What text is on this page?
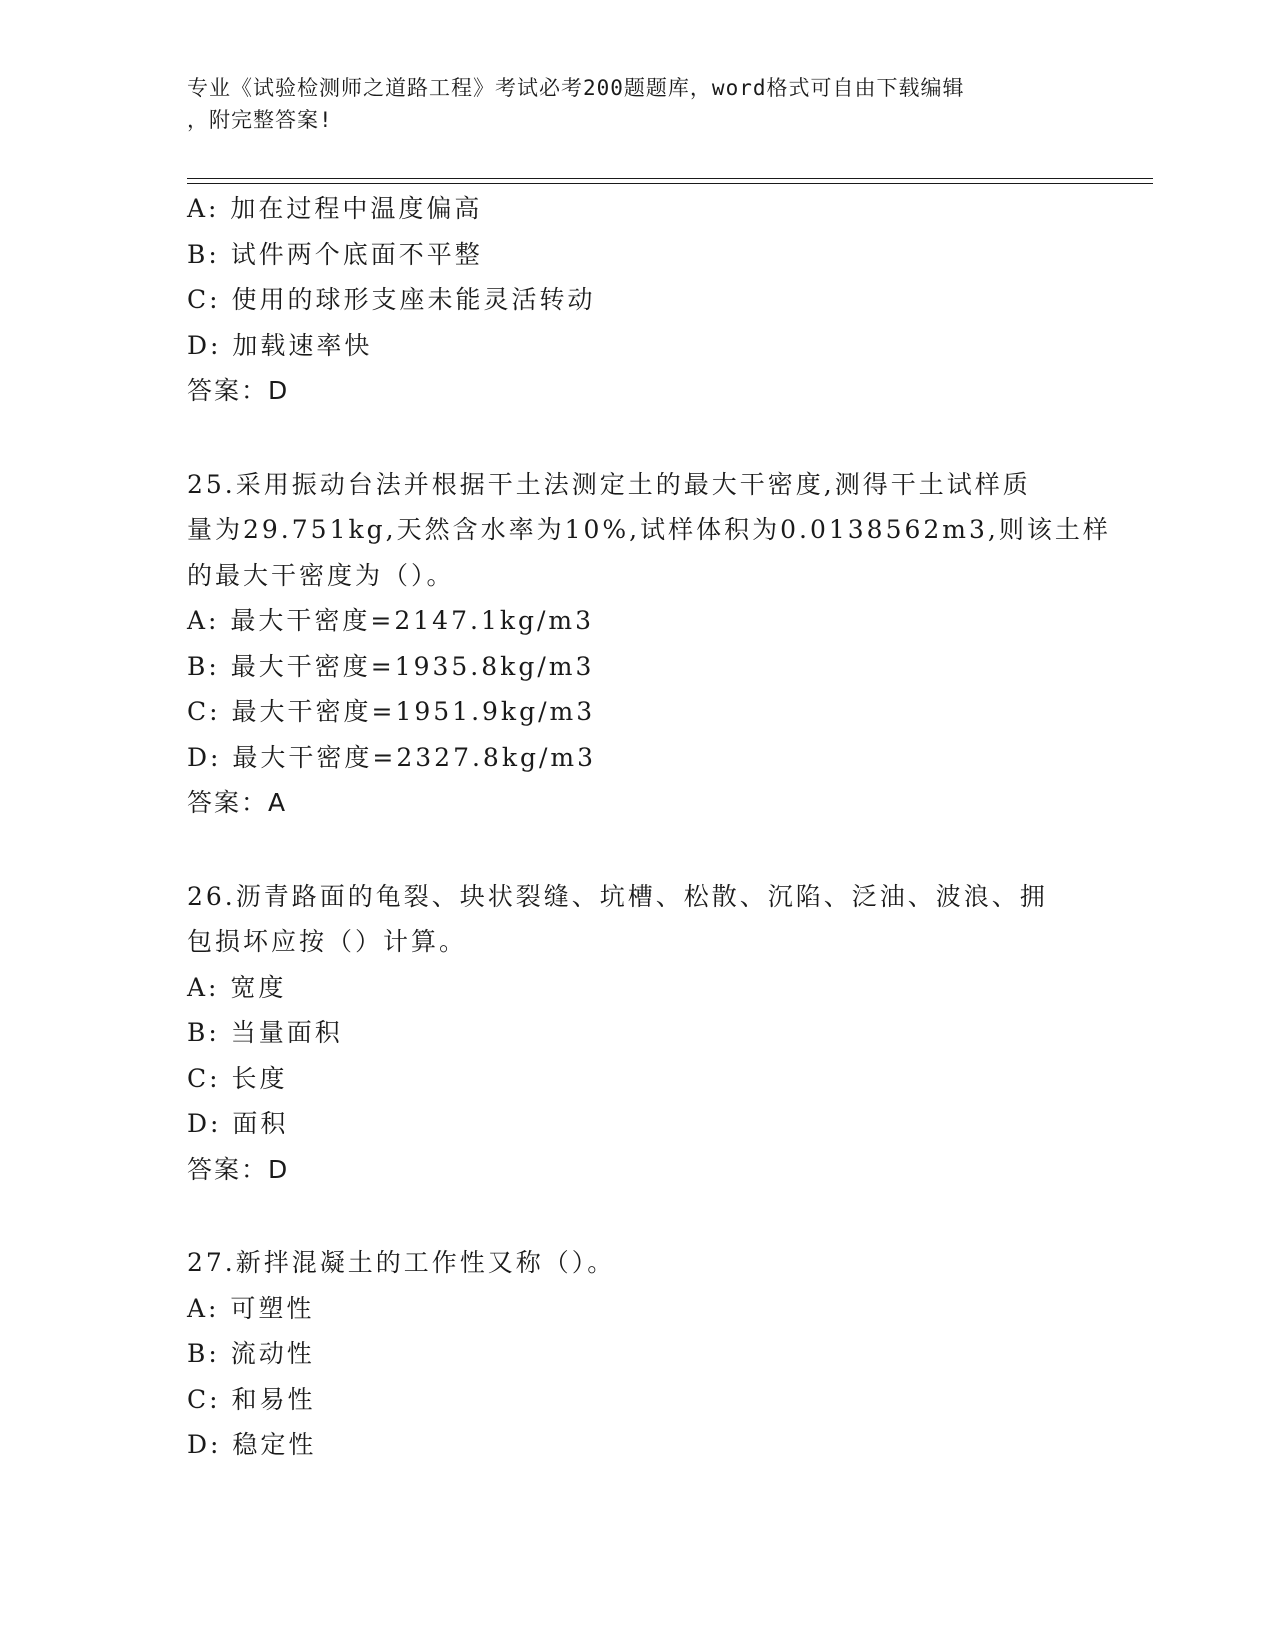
专业《试验检测师之道路工程》考试必考200题题库，word格式可自由下载编辑
，附完整答案!
A: 加在过程中温度偏高
B: 试件两个底面不平整
C: 使用的球形支座未能灵活转动
D: 加载速率快
答案：D
25.采用振动台法并根据干土法测定土的最大干密度,测得干土试样质
量为29.751kg,天然含水率为10%,试样体积为0.0138562m3,则该土样
的最大干密度为（）。
A: 最大干密度=2147.1kg/m3
B: 最大干密度=1935.8kg/m3
C: 最大干密度=1951.9kg/m3
D: 最大干密度=2327.8kg/m3
答案：A
26.沥青路面的龟裂、块状裂缝、坑槽、松散、沉陷、泛油、波浪、拥
包损坏应按（）计算。
A: 宽度
B: 当量面积
C: 长度
D: 面积
答案：D
27.新拌混凝土的工作性又称（）。
A: 可塑性
B: 流动性
C: 和易性
D: 稳定性
